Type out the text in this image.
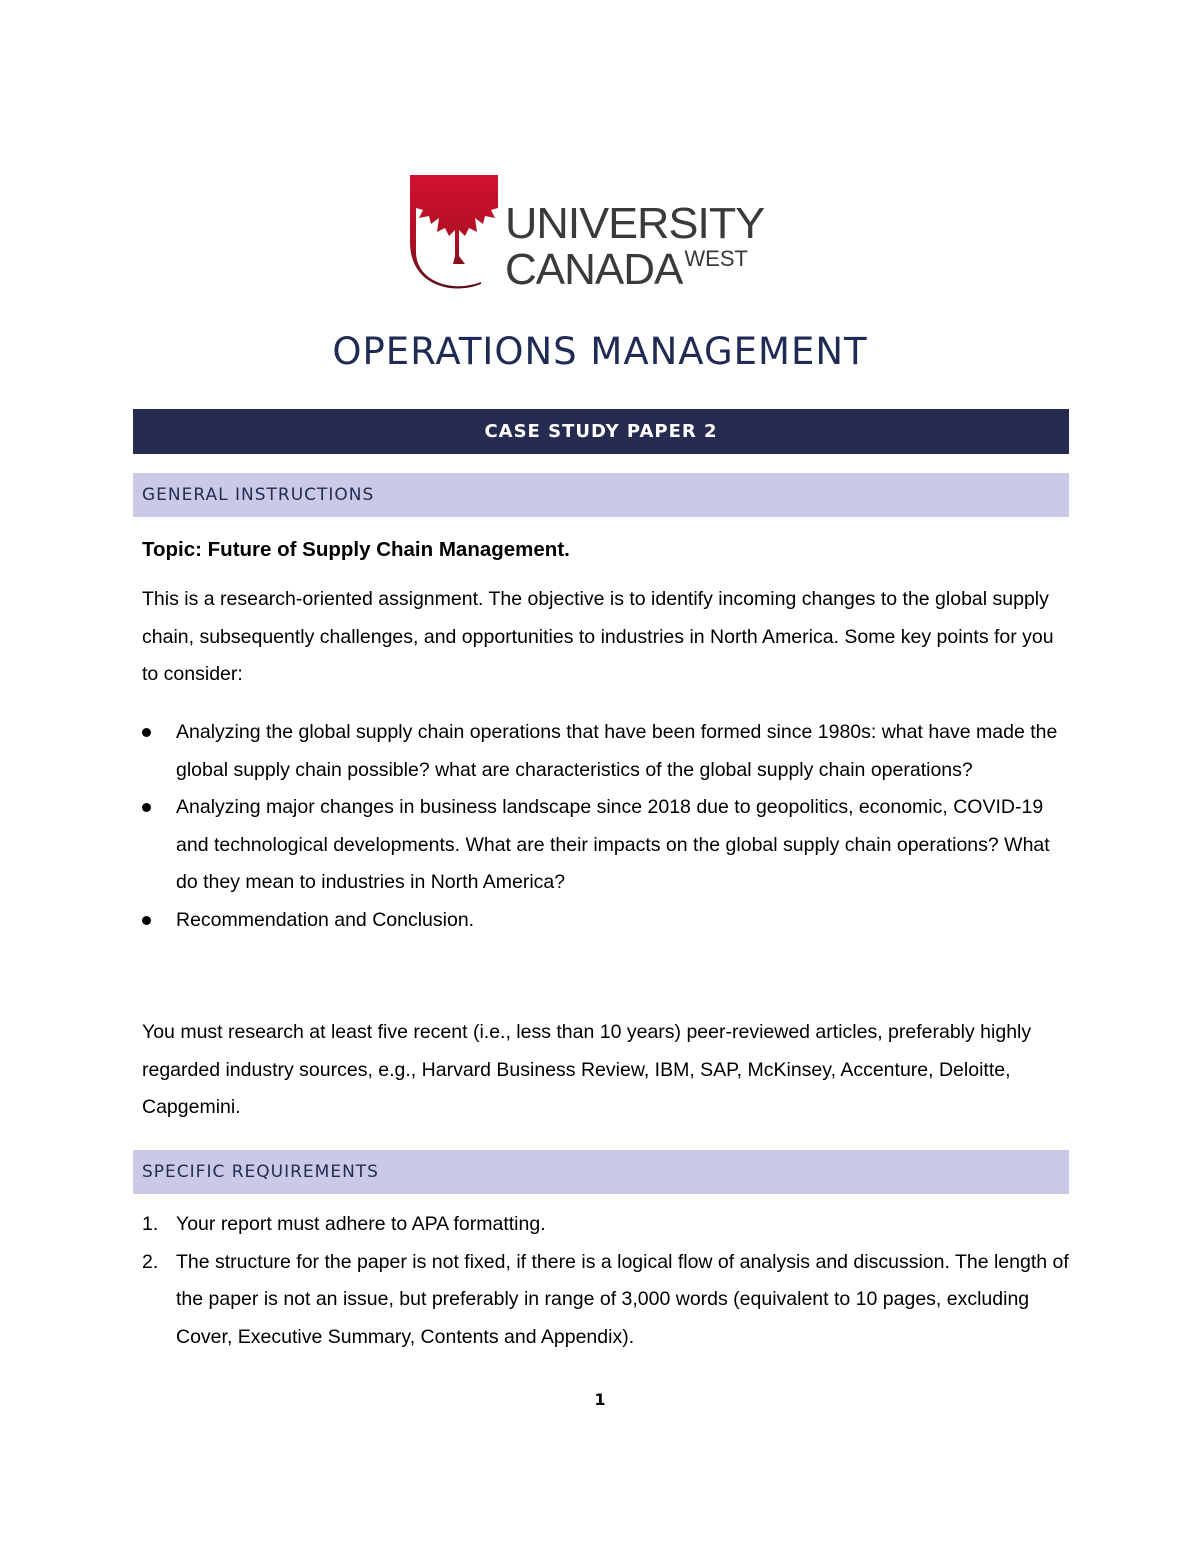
UNIVERSITY
$CANADA^{WEST}$
OPERATIONS MANAGEMENT
CASE STUDY PAPER 2
GENERAL INSTRUCTIONS
Topic: Future of Supply Chain Management.
This is a research-oriented assignment. The objective is to identify incoming changes to the global supply chain, subsequently challenges, and opportunities to industries in North America. Some key points for you to consider:
Analyzing the global supply chain operations that have been formed since 1980s: what have made the global supply chain possible? what are characteristics of the global supply chain operations?
Analyzing major changes in business landscape since 2018 due to geopolitics, economic, COVID-19 and technological developments. What are their impacts on the global supply chain operations? What do they mean to industries in North America?
Recommendation and Conclusion.
You must research at least five recent (i.e., less than 10 years) peer-reviewed articles, preferably highly regarded industry sources, e.g., Harvard Business Review, IBM, SAP, McKinsey, Accenture, Deloitte, Capgemini.
SPECIFIC REQUIREMENTS
1. Your report must adhere to APA formatting.
2. The structure for the paper is not fixed, if there is a logical flow of analysis and discussion. The length of the paper is not an issue, but preferably in range of 3,000 words (equivalent to 10 pages, excluding Cover, Executive Summary, Contents and Appendix).
1
